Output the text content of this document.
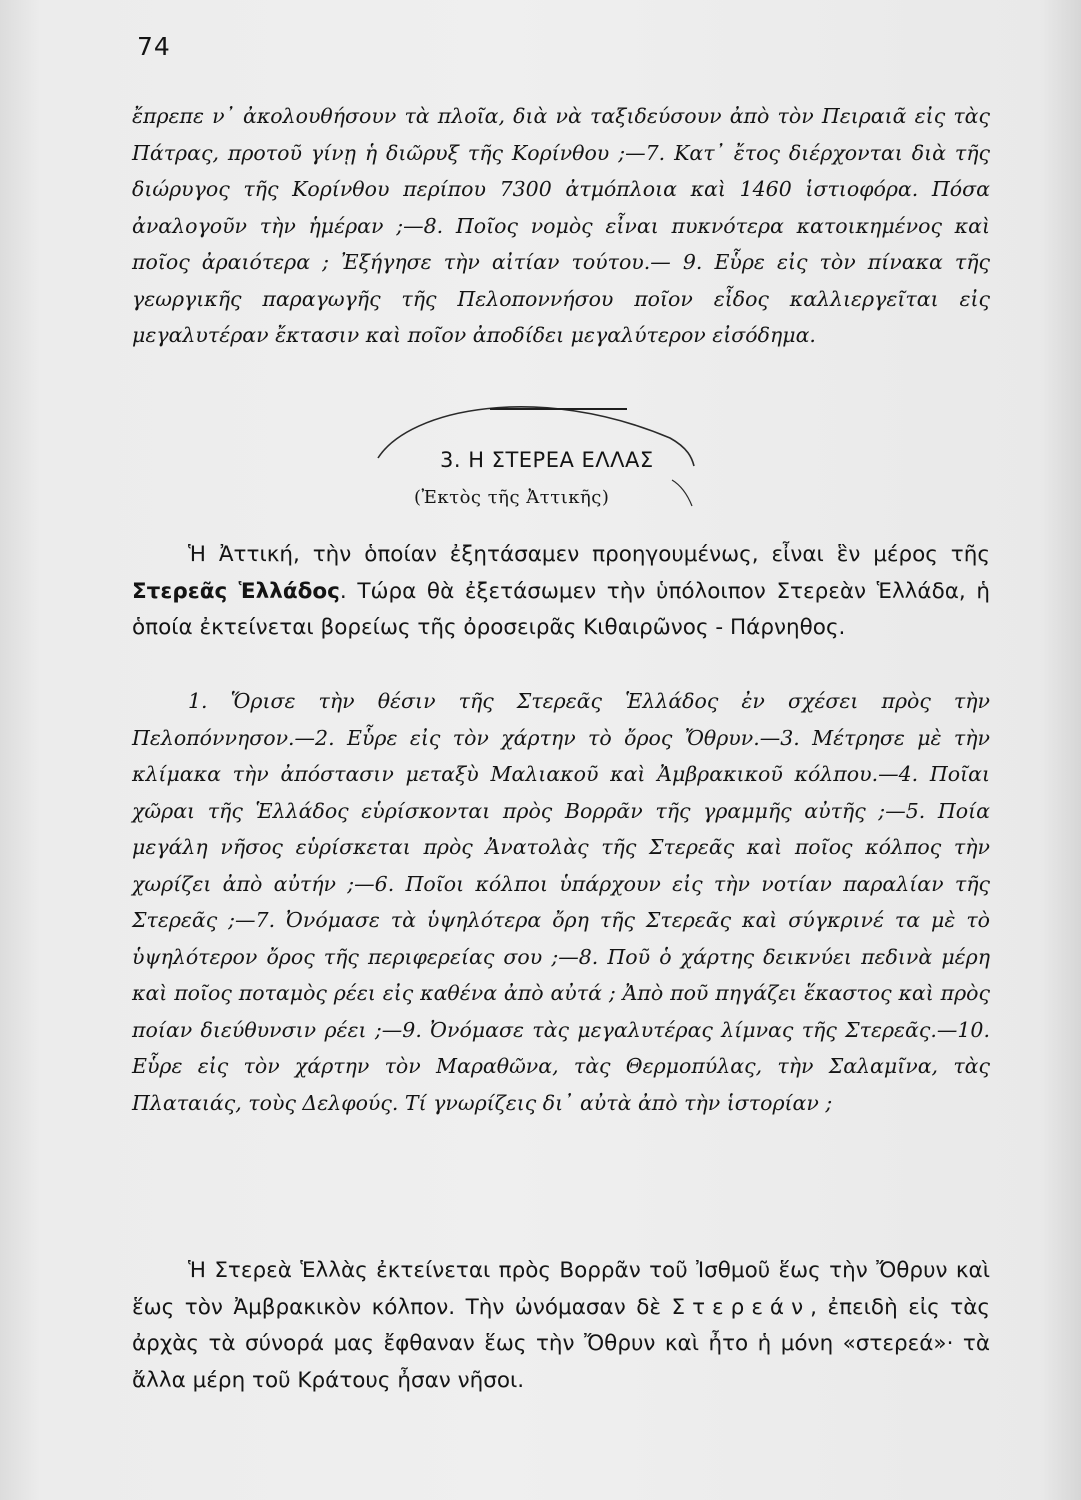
74

ἔπρεπε ν᾿ ἀκολουθήσουν τὰ πλοῖα, διὰ νὰ ταξιδεύσουν ἀπὸ τὸν Πειραιᾶ εἰς τὰς Πάτρας, προτοῦ γίνῃ ἡ διῶρυξ τῆς Κορίνθου ;—7. Κατ᾿ ἔτος διέρχονται διὰ τῆς διώρυγος τῆς Κορίνθου περίπου 7300 ἀτμόπλοια καὶ 1460 ἱστιοφόρα. Πόσα ἀναλογοῦν τὴν ἡμέραν ;—8. Ποῖος νομὸς εἶναι πυκνότερα κατοικημένος καὶ ποῖος ἀραιότερα ; Ἐξήγησε τὴν αἰτίαν τούτου.— 9. Εὗρε εἰς τὸν πίνακα τῆς γεωργικῆς παραγωγῆς τῆς Πελοποννήσου ποῖον εἶδος καλλιεργεῖται εἰς μεγαλυτέραν ἔκτασιν καὶ ποῖον ἀποδίδει μεγαλύτερον εἰσόδημα.

3. Η ΣΤΕΡΕΑ ΕΛΛΑΣ
(Ἐκτὸς τῆς Ἀττικῆς)

Ἡ Ἀττική, τὴν ὁποίαν ἐξητάσαμεν προηγουμένως, εἶναι ἓν μέρος τῆς Στερεᾶς Ἑλλάδος. Τώρα θὰ ἐξετάσωμεν τὴν ὑπόλοιπον Στερεὰν Ἑλλάδα, ἡ ὁποία ἐκτείνεται βορείως τῆς ὀροσειρᾶς Κιθαιρῶνος - Πάρνηθος.

1. Ὅρισε τὴν θέσιν τῆς Στερεᾶς Ἑλλάδος ἐν σχέσει πρὸς τὴν Πελοπόννησον.—2. Εὗρε εἰς τὸν χάρτην τὸ ὄρος Ὄθρυν.—3. Μέτρησε μὲ τὴν κλίμακα τὴν ἀπόστασιν μεταξὺ Μαλιακοῦ καὶ Ἀμβρακικοῦ κόλπου.—4. Ποῖαι χῶραι τῆς Ἑλλάδος εὑρίσκονται πρὸς Βορρᾶν τῆς γραμμῆς αὐτῆς ;—5. Ποία μεγάλη νῆσος εὑρίσκεται πρὸς Ἀνατολὰς τῆς Στερεᾶς καὶ ποῖος κόλπος τὴν χωρίζει ἀπὸ αὐτήν ;—6. Ποῖοι κόλποι ὑπάρχουν εἰς τὴν νοτίαν παραλίαν τῆς Στερεᾶς ;—7. Ὀνόμασε τὰ ὑψηλότερα ὄρη τῆς Στερεᾶς καὶ σύγκρινέ τα μὲ τὸ ὑψηλότερον ὄρος τῆς περιφερείας σου ;—8. Ποῦ ὁ χάρτης δεικνύει πεδινὰ μέρη καὶ ποῖος ποταμὸς ρέει εἰς καθένα ἀπὸ αὐτά ; Ἀπὸ ποῦ πηγάζει ἕκαστος καὶ πρὸς ποίαν διεύθυνσιν ρέει ;—9. Ὀνόμασε τὰς μεγαλυτέρας λίμνας τῆς Στερεᾶς.—10. Εὗρε εἰς τὸν χάρτην τὸν Μαραθῶνα, τὰς Θερμοπύλας, τὴν Σαλαμῖνα, τὰς Πλαταιάς, τοὺς Δελφούς. Τί γνωρίζεις δι᾿ αὐτὰ ἀπὸ τὴν ἱστορίαν ;

Ἡ Στερεὰ Ἑλλὰς ἐκτείνεται πρὸς Βορρᾶν τοῦ Ἰσθμοῦ ἕως τὴν Ὄθρυν καὶ ἕως τὸν Ἀμβρακικὸν κόλπον. Τὴν ὠνόμασαν δὲ Στερεάν, ἐπειδὴ εἰς τὰς ἀρχὰς τὰ σύνορά μας ἔφθαναν ἕως τὴν Ὄθρυν καὶ ἦτο ἡ μόνη «στερεά»· τὰ ἄλλα μέρη τοῦ Κράτους ἦσαν νῆσοι.
